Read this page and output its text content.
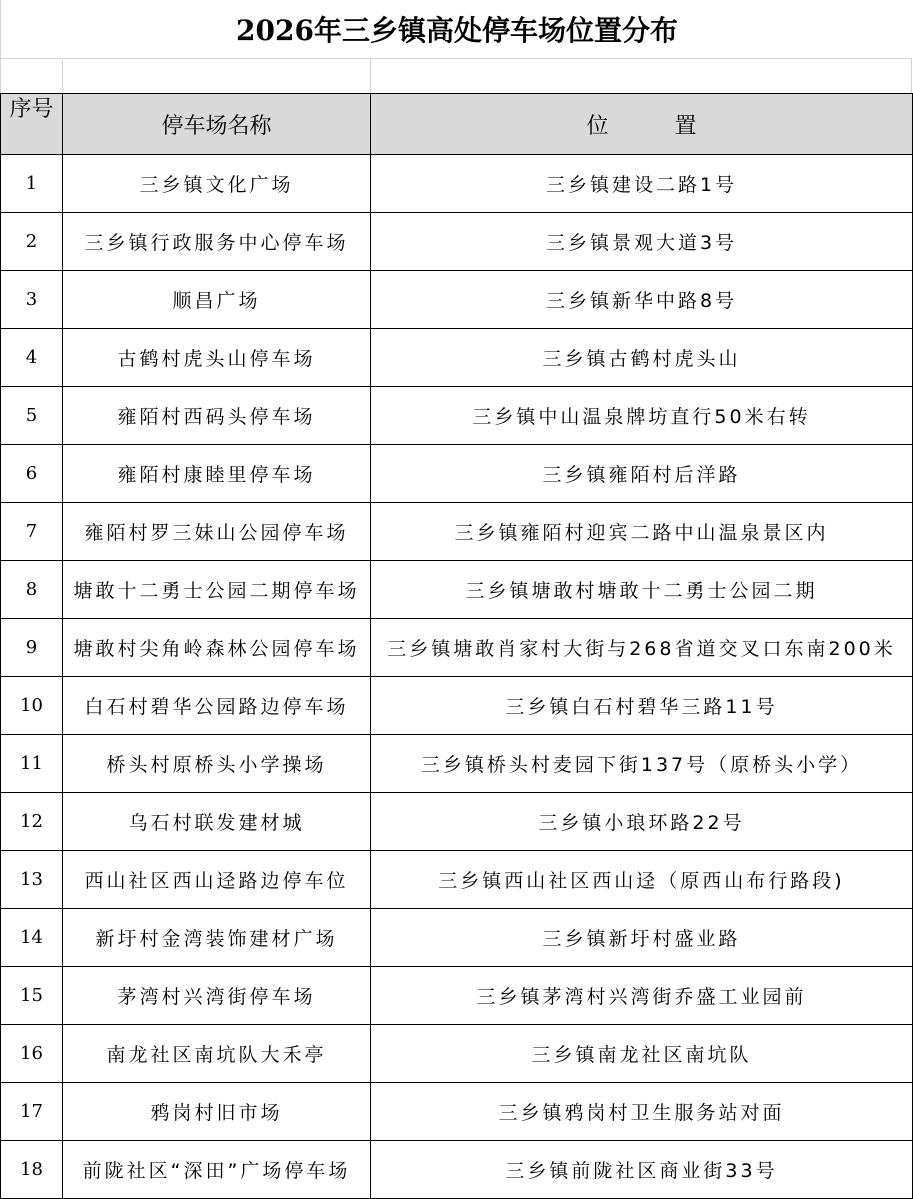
2026年三乡镇高处停车场位置分布
序号	停车场名称	位　　　置
1	三乡镇文化广场	三乡镇建设二路1号
2	三乡镇行政服务中心停车场	三乡镇景观大道3号
3	顺昌广场	三乡镇新华中路8号
4	古鹤村虎头山停车场	三乡镇古鹤村虎头山
5	雍陌村西码头停车场	三乡镇中山温泉牌坊直行50米右转
6	雍陌村康睦里停车场	三乡镇雍陌村后洋路
7	雍陌村罗三妹山公园停车场	三乡镇雍陌村迎宾二路中山温泉景区内
8	塘敢十二勇士公园二期停车场	三乡镇塘敢村塘敢十二勇士公园二期
9	塘敢村尖角岭森林公园停车场	三乡镇塘敢肖家村大街与268省道交叉口东南200米
10	白石村碧华公园路边停车场	三乡镇白石村碧华三路11号
11	桥头村原桥头小学操场	三乡镇桥头村麦园下街137号（原桥头小学）
12	乌石村联发建材城	三乡镇小琅环路22号
13	西山社区西山迳路边停车位	三乡镇西山社区西山迳（原西山布行路段)
14	新圩村金湾装饰建材广场	三乡镇新圩村盛业路
15	茅湾村兴湾街停车场	三乡镇茅湾村兴湾街乔盛工业园前
16	南龙社区南坑队大禾亭	三乡镇南龙社区南坑队
17	鸦岗村旧市场	三乡镇鸦岗村卫生服务站对面
18	前陇社区“深田”广场停车场	三乡镇前陇社区商业街33号
